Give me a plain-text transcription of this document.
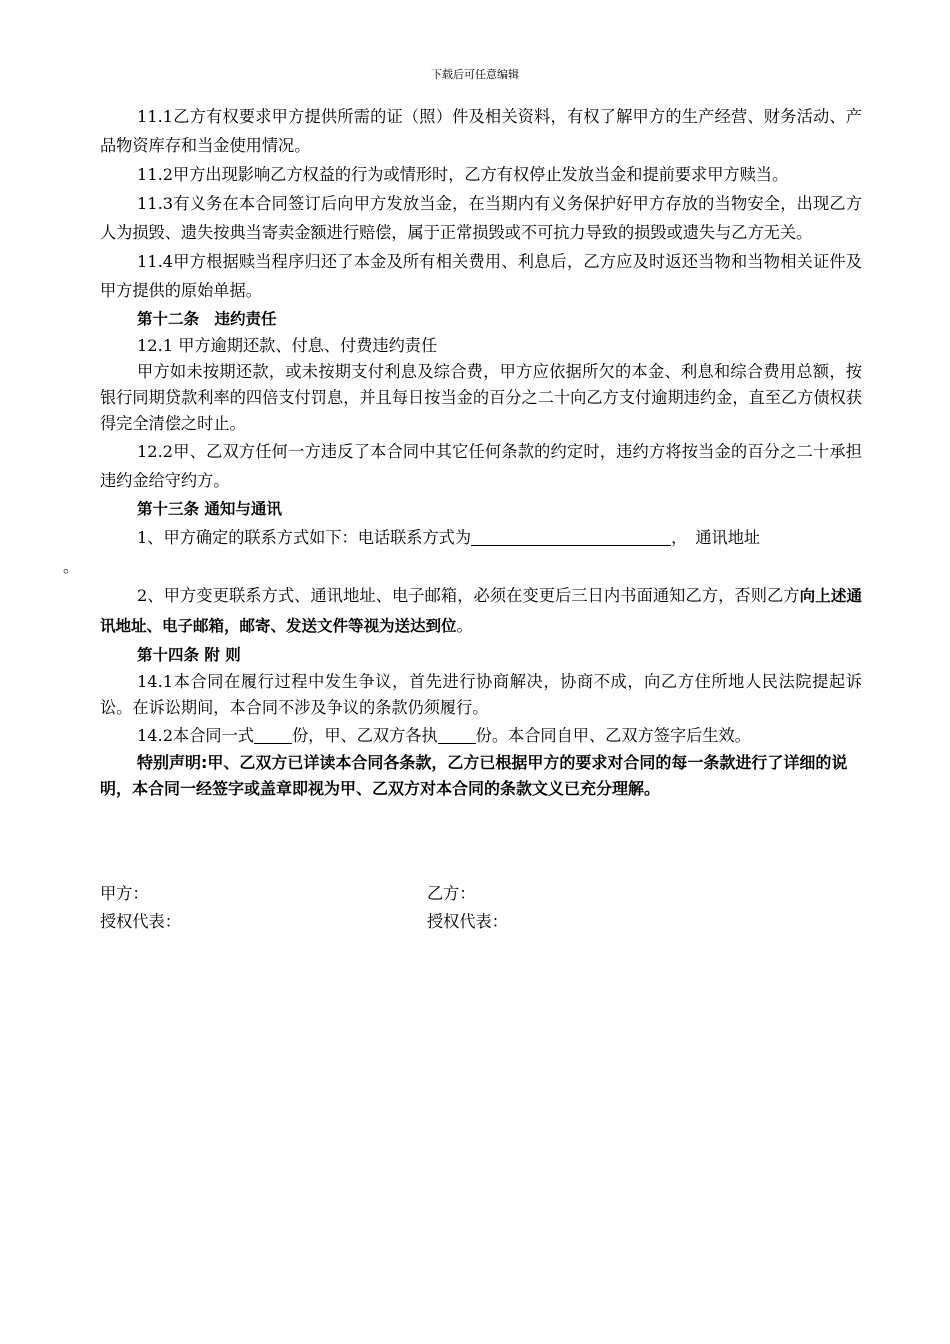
下载后可任意编辑

11.1乙方有权要求甲方提供所需的证（照）件及相关资料，有权了解甲方的生产经营、财务活动、产品物资库存和当金使用情况。

11.2甲方出现影响乙方权益的行为或情形时，乙方有权停止发放当金和提前要求甲方赎当。

11.3有义务在本合同签订后向甲方发放当金，在当期内有义务保护好甲方存放的当物安全，出现乙方人为损毁、遗失按典当寄卖金额进行赔偿，属于正常损毁或不可抗力导致的损毁或遗失与乙方无关。

11.4甲方根据赎当程序归还了本金及所有相关费用、利息后，乙方应及时返还当物和当物相关证件及甲方提供的原始单据。

第十二条　违约责任

12.1 甲方逾期还款、付息、付费违约责任

甲方如未按期还款，或未按期支付利息及综合费，甲方应依据所欠的本金、利息和综合费用总额，按银行同期贷款利率的四倍支付罚息，并且每日按当金的百分之二十向乙方支付逾期违约金，直至乙方债权获得完全清偿之时止。

12.2甲、乙双方任何一方违反了本合同中其它任何条款的约定时，违约方将按当金的百分之二十承担违约金给守约方。

第十三条 通知与通讯

1、甲方确定的联系方式如下：电话联系方式为	，　通讯地址
。

2、甲方变更联系方式、通讯地址、电子邮箱，必须在变更后三日内书面通知乙方，否则乙方向上述通讯地址、电子邮箱，邮寄、发送文件等视为送达到位。

第十四条 附 则

14.1本合同在履行过程中发生争议，首先进行协商解决，协商不成，向乙方住所地人民法院提起诉讼。在诉讼期间，本合同不涉及争议的条款仍须履行。

14.2本合同一式 份，甲、乙双方各执 份。本合同自甲、乙双方签字后生效。

特别声明:甲、乙双方已详读本合同各条款，乙方已根据甲方的要求对合同的每一条款进行了详细的说明，本合同一经签字或盖章即视为甲、乙双方对本合同的条款文义已充分理解。

甲方：
授权代表：
乙方：
授权代表：
